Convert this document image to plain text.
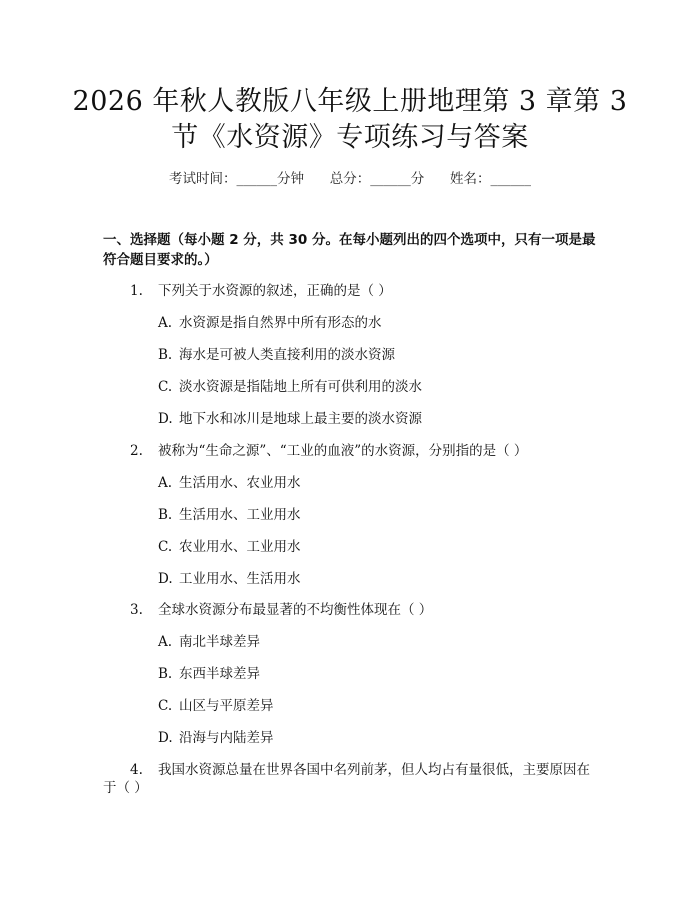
2026 年秋人教版八年级上册地理第 3 章第 3
节《水资源》专项练习与答案
考试时间：______分钟      总分：______分      姓名：______
一、选择题（每小题 2 分，共 30 分。在每小题列出的四个选项中，只有一项是最
符合题目要求的。）
1. 下列关于水资源的叙述，正确的是（ ）
A. 水资源是指自然界中所有形态的水
B. 海水是可被人类直接利用的淡水资源
C. 淡水资源是指陆地上所有可供利用的淡水
D. 地下水和冰川是地球上最主要的淡水资源
2. 被称为“生命之源”、“工业的血液”的水资源，分别指的是（ ）
A. 生活用水、农业用水
B. 生活用水、工业用水
C. 农业用水、工业用水
D. 工业用水、生活用水
3. 全球水资源分布最显著的不均衡性体现在（ ）
A. 南北半球差异
B. 东西半球差异
C. 山区与平原差异
D. 沿海与内陆差异
4. 我国水资源总量在世界各国中名列前茅，但人均占有量很低，主要原因在
于（ ）
